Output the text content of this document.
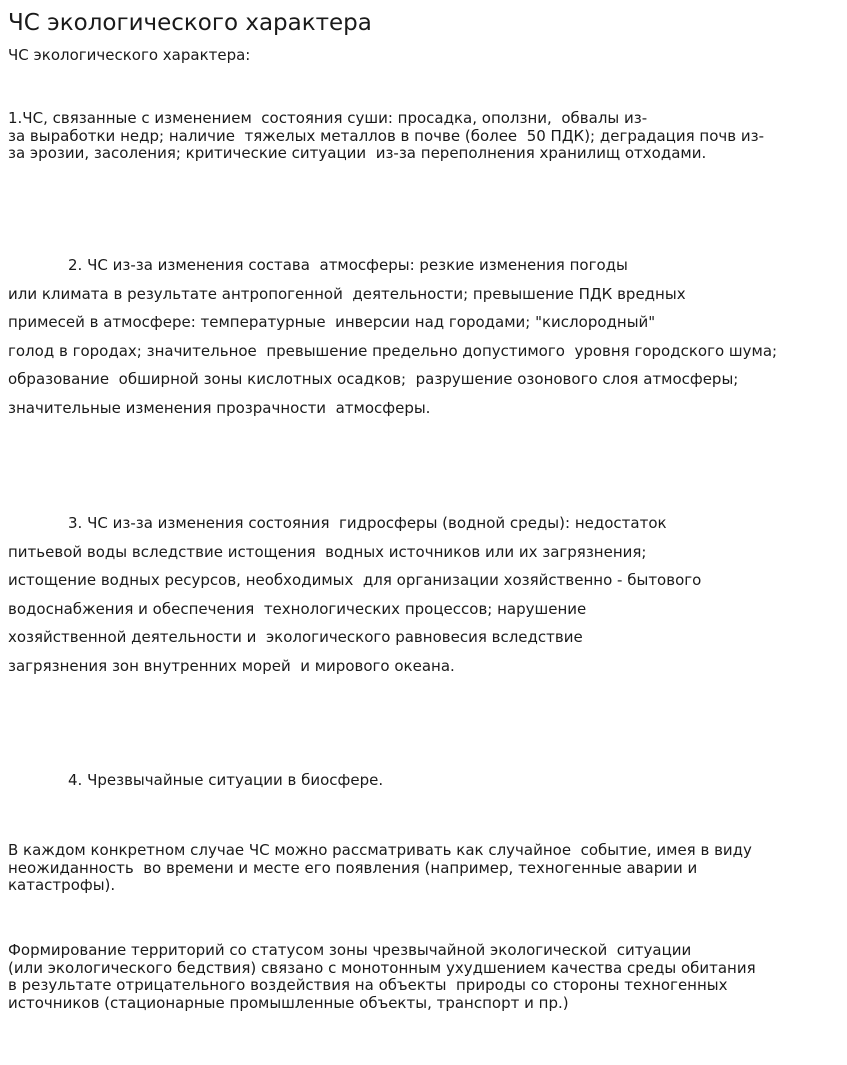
ЧС экологического характера

ЧС экологического характера:

1.ЧС, связанные с изменением  состояния суши: просадка, оползни,  обвалы из-
за выработки недр; наличие  тяжелых металлов в почве (более  50 ПДК); деградация почв из-
за эрозии, засоления; критические ситуации  из-за переполнения хранилищ отходами.
2. ЧС из-за изменения состава  атмосферы: резкие изменения погоды
или климата в результате антропогенной  деятельности; превышение ПДК вредных
примесей в атмосфере: температурные  инверсии над городами; "кислородный"
голод в городах; значительное  превышение предельно допустимого  уровня городского шума;
образование  обширной зоны кислотных осадков;  разрушение озонового слоя атмосферы;
значительные изменения прозрачности  атмосферы.
3. ЧС из-за изменения состояния  гидросферы (водной среды): недостаток
питьевой воды вследствие истощения  водных источников или их загрязнения;
истощение водных ресурсов, необходимых  для организации хозяйственно - бытового
водоснабжения и обеспечения  технологических процессов; нарушение
хозяйственной деятельности и  экологического равновесия вследствие
загрязнения зон внутренних морей  и мирового океана.
4. Чрезвычайные ситуации в биосфере.
В каждом конкретном случае ЧС можно рассматривать как случайное  событие, имея в виду
неожиданность  во времени и месте его появления (например, техногенные аварии и
катастрофы).
Формирование территорий со статусом зоны чрезвычайной экологической  ситуации
(или экологического бедствия) связано с монотонным ухудшением качества среды обитания
в результате отрицательного воздействия на объекты  природы со стороны техногенных
источников (стационарные промышленные объекты, транспорт и пр.)
